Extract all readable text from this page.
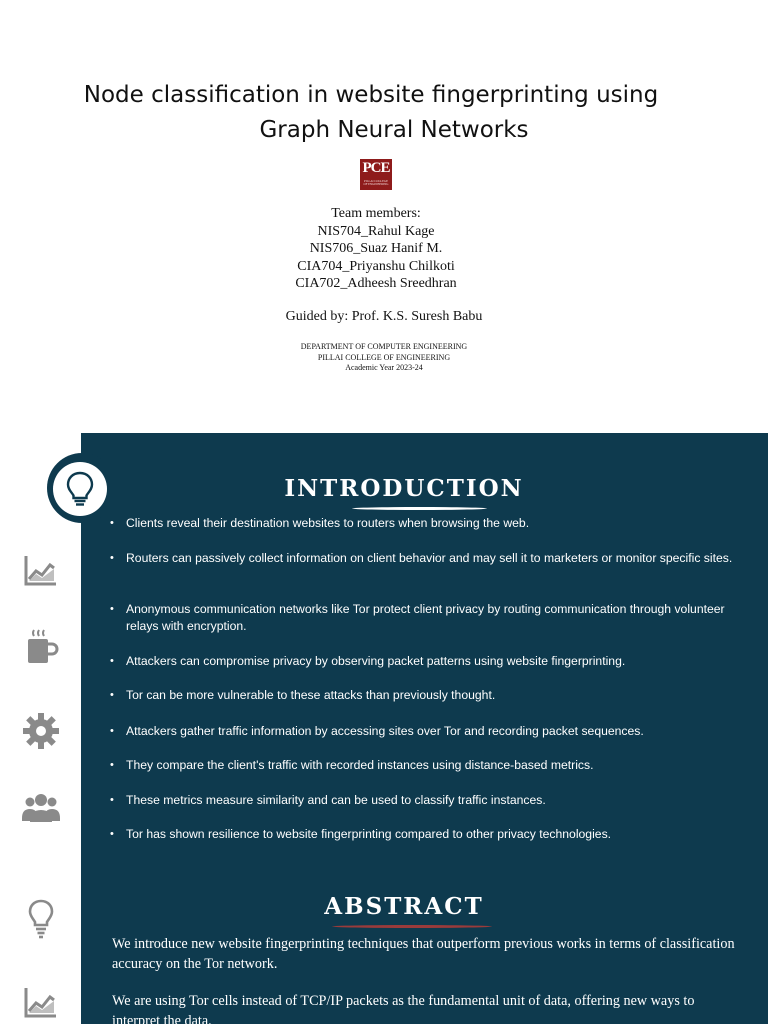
Node classification in website fingerprinting using
Graph Neural Networks
PCE
PILLAI COLLEGE OF ENGINEERING
Team members:
NIS704_Rahul Kage
NIS706_Suaz Hanif M.
CIA704_Priyanshu Chilkoti
CIA702_Adheesh Sreedhran
Guided by: Prof. K.S. Suresh Babu
DEPARTMENT OF COMPUTER ENGINEERING
PILLAI COLLEGE OF ENGINEERING
Academic Year 2023-24
INTRODUCTION
• Clients reveal their destination websites to routers when browsing the web.
• Routers can passively collect information on client behavior and may sell it to marketers or monitor specific sites.
• Anonymous communication networks like Tor protect client privacy by routing communication through volunteer relays with encryption.
• Attackers can compromise privacy by observing packet patterns using website fingerprinting.
• Tor can be more vulnerable to these attacks than previously thought.
• Attackers gather traffic information by accessing sites over Tor and recording packet sequences.
• They compare the client's traffic with recorded instances using distance-based metrics.
• These metrics measure similarity and can be used to classify traffic instances.
• Tor has shown resilience to website fingerprinting compared to other privacy technologies.
ABSTRACT
We introduce new website fingerprinting techniques that outperform previous works in terms of classification accuracy on the Tor network.
We are using Tor cells instead of TCP/IP packets as the fundamental unit of data, offering new ways to interpret the data.
